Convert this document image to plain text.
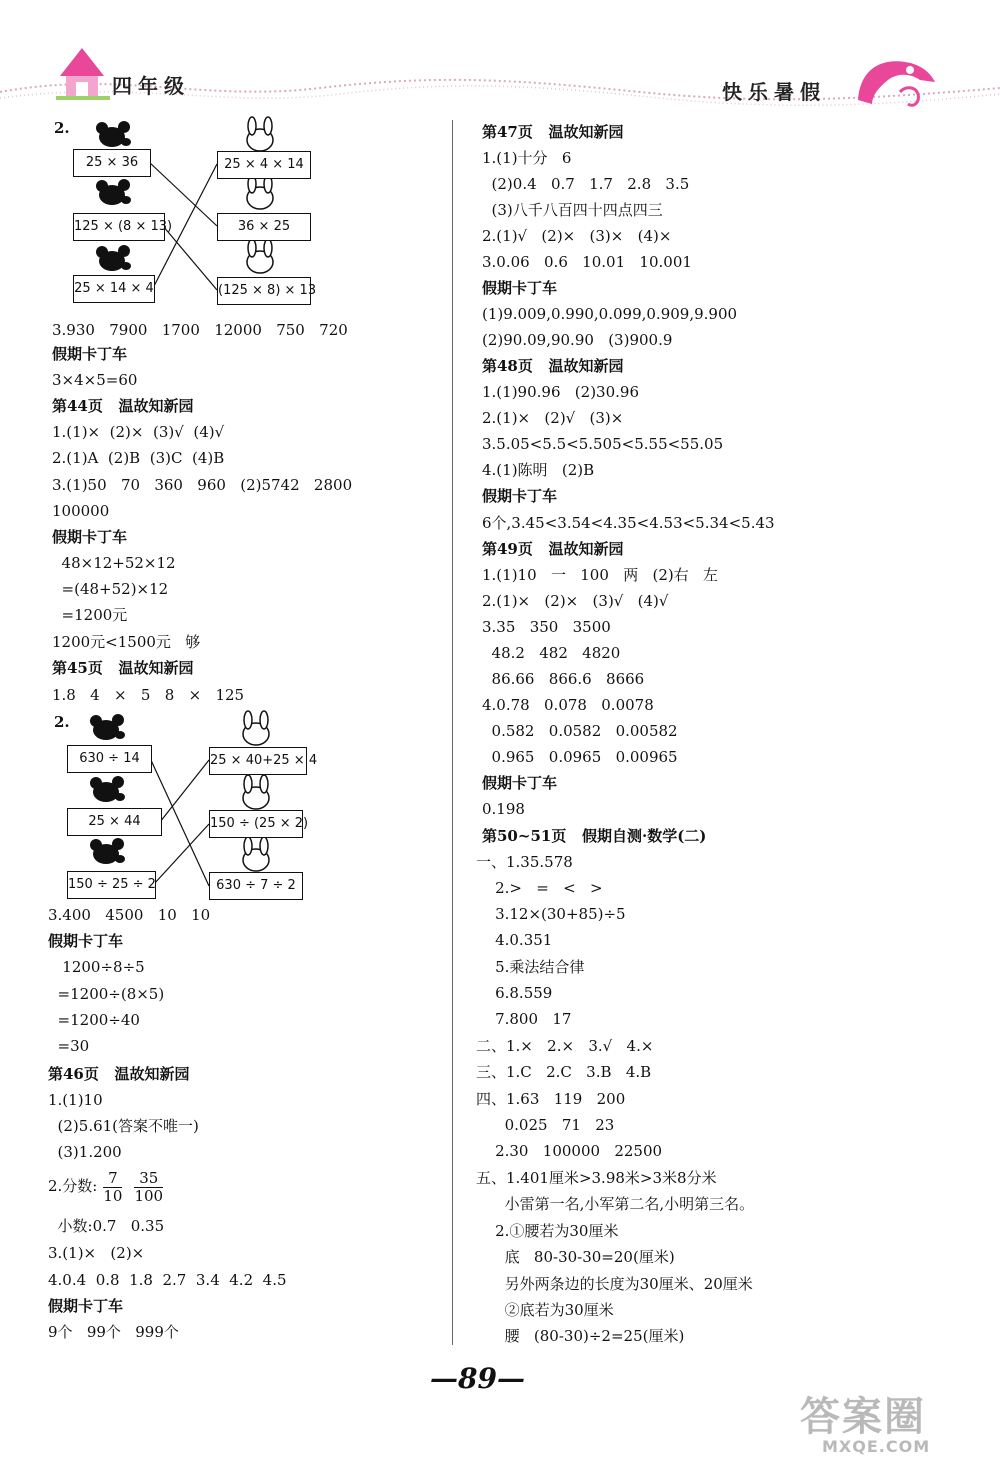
四年级	快乐暑假
2.
25 × 36
125 × (8 × 13)
25 × 14 × 4
25 × 4 × 14
36 × 25
(125 × 8) × 13
3.930   7900   1700   12000   750   720
假期卡丁车
3×4×5=60
第44页   温故知新园
1.(1)×  (2)×  (3)√  (4)√
2.(1)A  (2)B  (3)C  (4)B
3.(1)50   70   360   960   (2)5742   2800
100000
假期卡丁车
48×12+52×12
=(48+52)×12
=1200元
1200元<1500元   够
第45页   温故知新园
1.8   4   ×   5   8   ×   125
2.
630 ÷ 14
25 × 44
150 ÷ 25 ÷ 2
25 × 40+25 × 4
150 ÷ (25 × 2)
630 ÷ 7 ÷ 2
3.400   4500   10   10
假期卡丁车
1200÷8÷5
=1200÷(8×5)
=1200÷40
=30
第46页   温故知新园
1.(1)10
(2)5.61(答案不唯一)
(3)1.200
2.分数: $\frac{7}{10} \frac{35}{100}$
小数:0.7   0.35
3.(1)×   (2)×
4.0.4  0.8  1.8  2.7  3.4  4.2  4.5
假期卡丁车
9个   99个   999个
第47页   温故知新园
1.(1)十分   6
(2)0.4   0.7   1.7   2.8   3.5
(3)八千八百四十四点四三
2.(1)√   (2)×   (3)×   (4)×
3.0.06   0.6   10.01   10.001
假期卡丁车
(1)9.009,0.990,0.099,0.909,9.900
(2)90.09,90.90   (3)900.9
第48页   温故知新园
1.(1)90.96   (2)30.96
2.(1)×   (2)√   (3)×
3.5.05<5.5<5.505<5.55<55.05
4.(1)陈明   (2)B
假期卡丁车
6个,3.45<3.54<4.35<4.53<5.34<5.43
第49页   温故知新园
1.(1)10   一   100   两   (2)右   左
2.(1)×   (2)×   (3)√   (4)√
3.35   350   3500
48.2   482   4820
86.66   866.6   8666
4.0.78   0.078   0.0078
0.582   0.0582   0.00582
0.965   0.0965   0.00965
假期卡丁车
0.198
第50~51页   假期自测·数学(二)
一、1.35.578
2.>   =   <   >
3.12×(30+85)÷5
4.0.351
5.乘法结合律
6.8.559
7.800   17
二、1.×   2.×   3.√   4.×
三、1.C   2.C   3.B   4.B
四、1.63   119   200
0.025   71   23
2.30   100000   22500
五、1.401厘米>3.98米>3米8分米
小雷第一名,小军第二名,小明第三名。
2.①腰若为30厘米
底   80-30-30=20(厘米)
另外两条边的长度为30厘米、20厘米
②底若为30厘米
腰   (80-30)÷2=25(厘米)
—89—
答案圈
MXQE.COM
